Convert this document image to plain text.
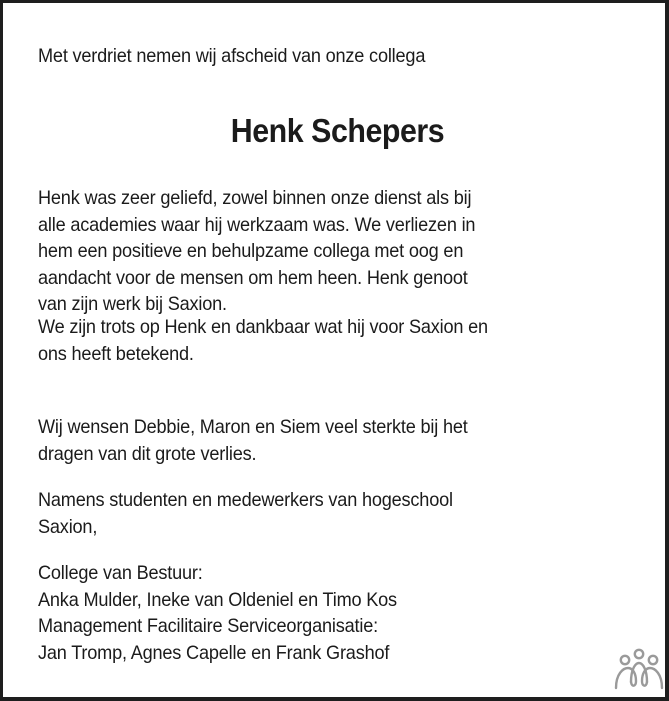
Met verdriet nemen wij afscheid van onze collega
Henk Schepers
Henk was zeer geliefd, zowel binnen onze dienst als bij
alle academies waar hij werkzaam was. We verliezen in
hem een positieve en behulpzame collega met oog en
aandacht voor de mensen om hem heen. Henk genoot
van zijn werk bij Saxion.
We zijn trots op Henk en dankbaar wat hij voor Saxion en
ons heeft betekend.
Wij wensen Debbie, Maron en Siem veel sterkte bij het
dragen van dit grote verlies.
Namens studenten en medewerkers van hogeschool
Saxion,
College van Bestuur:
Anka Mulder, Ineke van Oldeniel en Timo Kos
Management Facilitaire Serviceorganisatie:
Jan Tromp, Agnes Capelle en Frank Grashof
